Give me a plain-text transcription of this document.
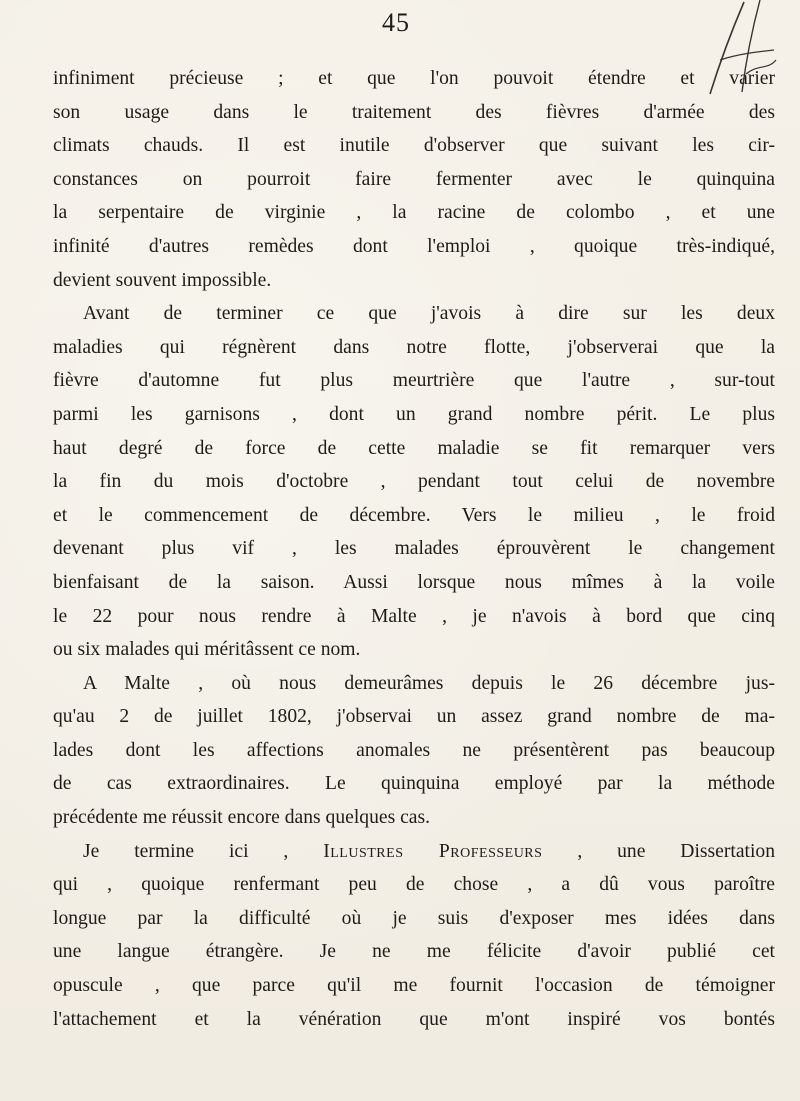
45
infiniment précieuse ; et que l'on pouvoit étendre et varier
son usage dans le traitement des fièvres d'armée des
climats chauds. Il est inutile d'observer que suivant les cir-
constances on pourroit faire fermenter avec le quinquina
la serpentaire de virginie , la racine de colombo , et une
infinité d'autres remèdes dont l'emploi , quoique très-indiqué,
devient souvent impossible.
Avant de terminer ce que j'avois à dire sur les deux
maladies qui régnèrent dans notre flotte, j'observerai que la
fièvre d'automne fut plus meurtrière que l'autre , sur-tout
parmi les garnisons , dont un grand nombre périt. Le plus
haut degré de force de cette maladie se fit remarquer vers
la fin du mois d'octobre , pendant tout celui de novembre
et le commencement de décembre. Vers le milieu , le froid
devenant plus vif , les malades éprouvèrent le changement
bienfaisant de la saison. Aussi lorsque nous mîmes à la voile
le 22 pour nous rendre à Malte , je n'avois à bord que cinq
ou six malades qui méritâssent ce nom.
A Malte , où nous demeurâmes depuis le 26 décembre jus-
qu'au 2 de juillet 1802, j'observai un assez grand nombre de ma-
lades dont les affections anomales ne présentèrent pas beaucoup
de cas extraordinaires. Le quinquina employé par la méthode
précédente me réussit encore dans quelques cas.
Je termine ici , Illustres Professeurs , une Dissertation
qui , quoique renfermant peu de chose , a dû vous paroître
longue par la difficulté où je suis d'exposer mes idées dans
une langue étrangère. Je ne me félicite d'avoir publié cet
opuscule , que parce qu'il me fournit l'occasion de témoigner
l'attachement et la vénération que m'ont inspiré vos bontés
